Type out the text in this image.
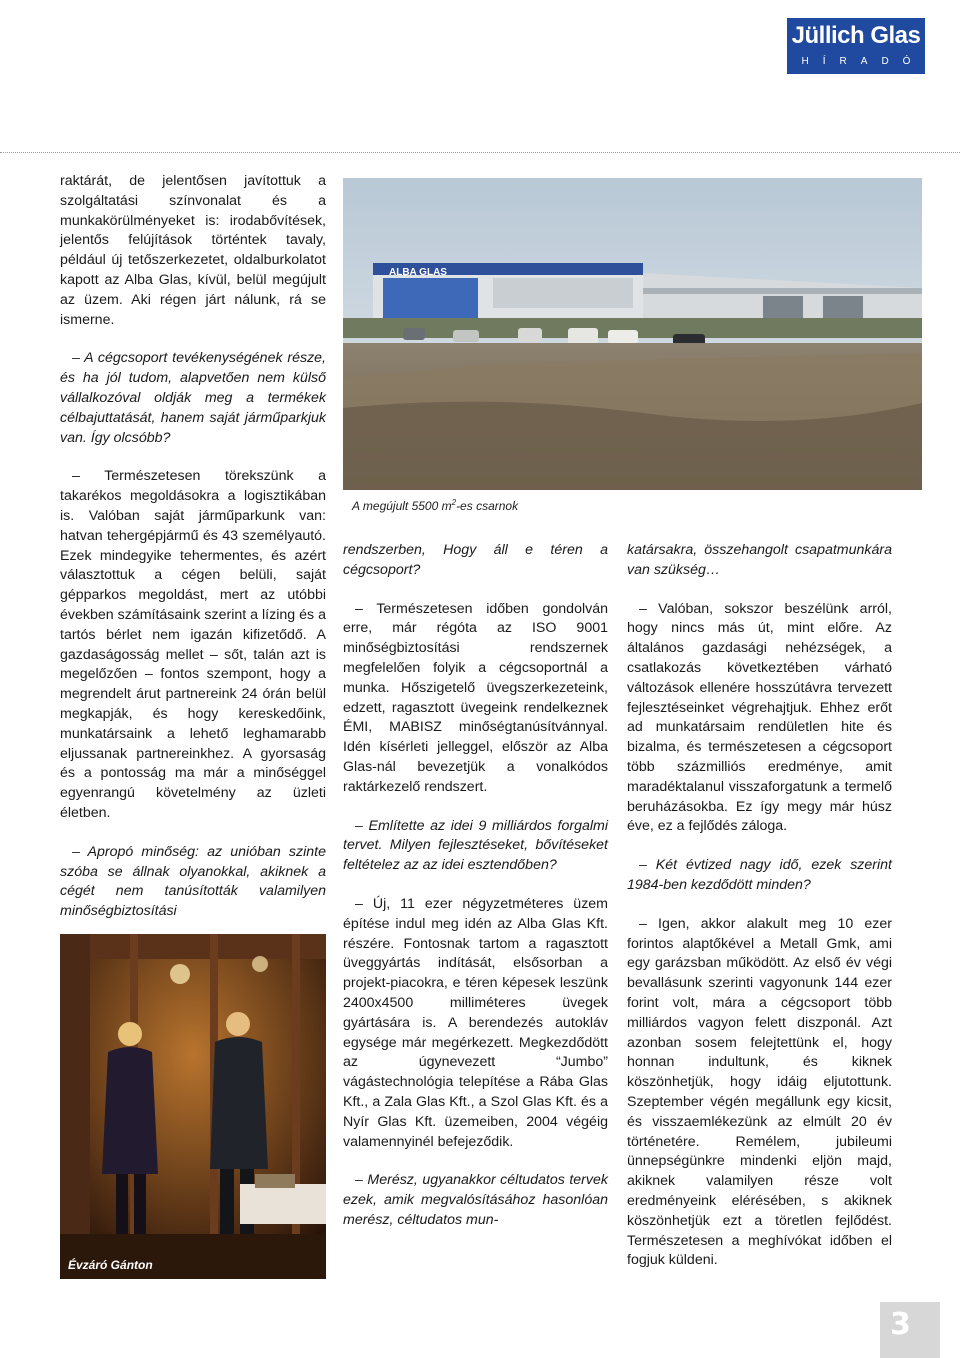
Jüllich Glas
HÍRADÓ

raktárát, de jelentősen javítottuk a szolgáltatási színvonalat és a munkakörülményeket is: irodabővítések, jelentős felújítások történtek tavaly, például új tetőszerkezetet, oldalburkolatot kapott az Alba Glas, kívül, belül megújult az üzem. Aki régen járt nálunk, rá se ismerne.

– A cégcsoport tevékenységének része, és ha jól tudom, alapvetően nem külső vállalkozóval oldják meg a termékek célbajuttatását, hanem saját járműparkjuk van. Így olcsóbb?

– Természetesen törekszünk a takarékos megoldásokra a logisztikában is. Valóban saját járműparkunk van: hatvan tehergépjármű és 43 személyautó. Ezek mindegyike tehermentes, és azért választottuk a cégen belüli, saját gépparkos megoldást, mert az utóbbi években számításaink szerint a lízing és a tartós bérlet nem igazán kifizetődő. A gazdaságosság mellet – sőt, talán azt is megelőzően – fontos szempont, hogy a megrendelt árut partnereink 24 órán belül megkapják, és hogy kereskedőink, munkatársaink a lehető leghamarabb eljussanak partnereinkhez. A gyorsaság és a pontosság ma már a minőséggel egyenrangú követelmény az üzleti életben.

– Apropó minőség: az unióban szinte szóba se állnak olyanokkal, akiknek a cégét nem tanúsították valamilyen minőségbiztosítási

ALBA GLAS
A megújult 5500 $m^2-es$ csarnok

rendszerben, Hogy áll e téren a cégcsoport?

– Természetesen időben gondolván erre, már régóta az ISO 9001 minőségbiztosítási rendszernek megfelelően folyik a cégcsoportnál a munka. Hőszigetelő üvegszerkezeteink, edzett, ragasztott üvegeink rendelkeznek ÉMI, MABISZ minőségtanúsítvánnyal. Idén kísérleti jelleggel, először az Alba Glas-nál bevezetjük a vonalkódos raktárkezelő rendszert.

– Említette az idei 9 milliárdos forgalmi tervet. Milyen fejlesztéseket, bővítéseket feltételez az az idei esztendőben?

– Új, 11 ezer négyzetméteres üzem építése indul meg idén az Alba Glas Kft. részére. Fontosnak tartom a ragasztott üveggyártás indítását, elsősorban a projekt-piacokra, e téren képesek leszünk 2400x4500 milliméteres üvegek gyártására is. A berendezés autokláv egysége már megérkezett. Megkezdődött az úgynevezett “Jumbo” vágástechnológia telepítése a Rába Glas Kft., a Zala Glas Kft., a Szol Glas Kft. és a Nyír Glas Kft. üzemeiben, 2004 végéig valamennyinél befejeződik.

– Merész, ugyanakkor céltudatos tervek ezek, amik megvalósításához hasonlóan merész, céltudatos mun-

katársakra, összehangolt csapatmunkára van szükség…

– Valóban, sokszor beszélünk arról, hogy nincs más út, mint előre. Az általános gazdasági nehézségek, a csatlakozás következtében várható változások ellenére hosszútávra tervezett fejlesztéseinket végrehajtjuk. Ehhez erőt ad munkatársaim rendületlen hite és bizalma, és természetesen a cégcsoport több százmilliós eredménye, amit maradéktalanul visszaforgatunk a termelő beruházásokba. Ez így megy már húsz éve, ez a fejlődés záloga.

– Két évtized nagy idő, ezek szerint 1984-ben kezdődött minden?

– Igen, akkor alakult meg 10 ezer forintos alaptőkével a Metall Gmk, ami egy garázsban működött. Az első év végi bevallásunk szerinti vagyonunk 144 ezer forint volt, mára a cégcsoport több milliárdos vagyon felett diszponál. Azt azonban sosem felejtettünk el, hogy honnan indultunk, és kiknek köszönhetjük, hogy idáig eljutottunk. Szeptember végén megállunk egy kicsit, és visszaemlékezünk az elmúlt 20 év történetére. Remélem, jubileumi ünnepségünkre mindenki eljön majd, akiknek valamilyen része volt eredményeink elérésében, s akiknek köszönhetjük ezt a töretlen fejlődést. Természetesen a meghívókat időben el fogjuk küldeni.

Évzáró Gánton
3
